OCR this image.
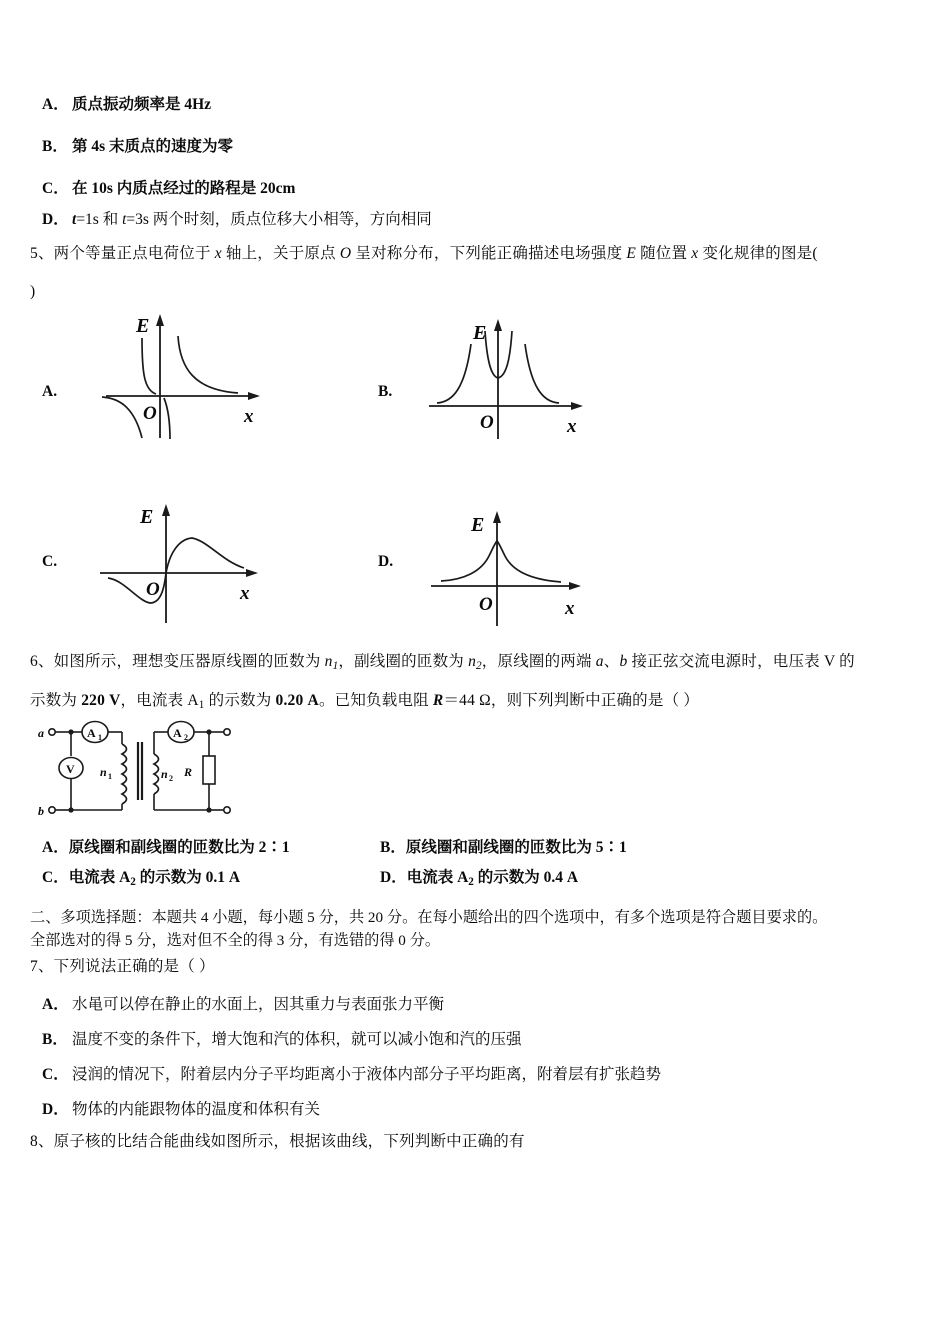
A． 质点振动频率是 4Hz
B． 第 4s 末质点的速度为零
C． 在 10s 内质点经过的路程是 20cm
D． t=1s 和 t=3s 两个时刻，质点位移大小相等，方向相同
5、两个等量正点电荷位于 x 轴上，关于原点 O 呈对称分布，下列能正确描述电场强度 E 随位置 x 变化规律的图是(
)
A.
E
O	x
B.
E
O	x
C.
E
O	x
D.
E
O	x
6、如图所示，理想变压器原线圈的匝数为 $n_1$，副线圈的匝数为 $n_2$，原线圈的两端 a、b 接正弦交流电源时，电压表 V 的
示数为 220 V，电流表 $A_1$ 的示数为 0.20 A。已知负载电阻 R＝44 Ω，则下列判断中正确的是（ ）
a
b
A 1
V n 1	n 2
A 2
R
A．原线圈和副线圈的匝数比为 2∶1	B．原线圈和副线圈的匝数比为 5∶1
C．电流表 $A_2$ 的示数为 0.1 A	D．电流表 $A_2$ 的示数为 0.4 A
二、多项选择题：本题共 4 小题，每小题 5 分，共 20 分。在每小题给出的四个选项中，有多个选项是符合题目要求的。
全部选对的得 5 分，选对但不全的得 3 分，有选错的得 0 分。
7、下列说法正确的是（ ）
A． 水黾可以停在静止的水面上，因其重力与表面张力平衡
B． 温度不变的条件下，增大饱和汽的体积，就可以减小饱和汽的压强
C． 浸润的情况下，附着层内分子平均距离小于液体内部分子平均距离，附着层有扩张趋势
D． 物体的内能跟物体的温度和体积有关
8、原子核的比结合能曲线如图所示，根据该曲线，下列判断中正确的有
